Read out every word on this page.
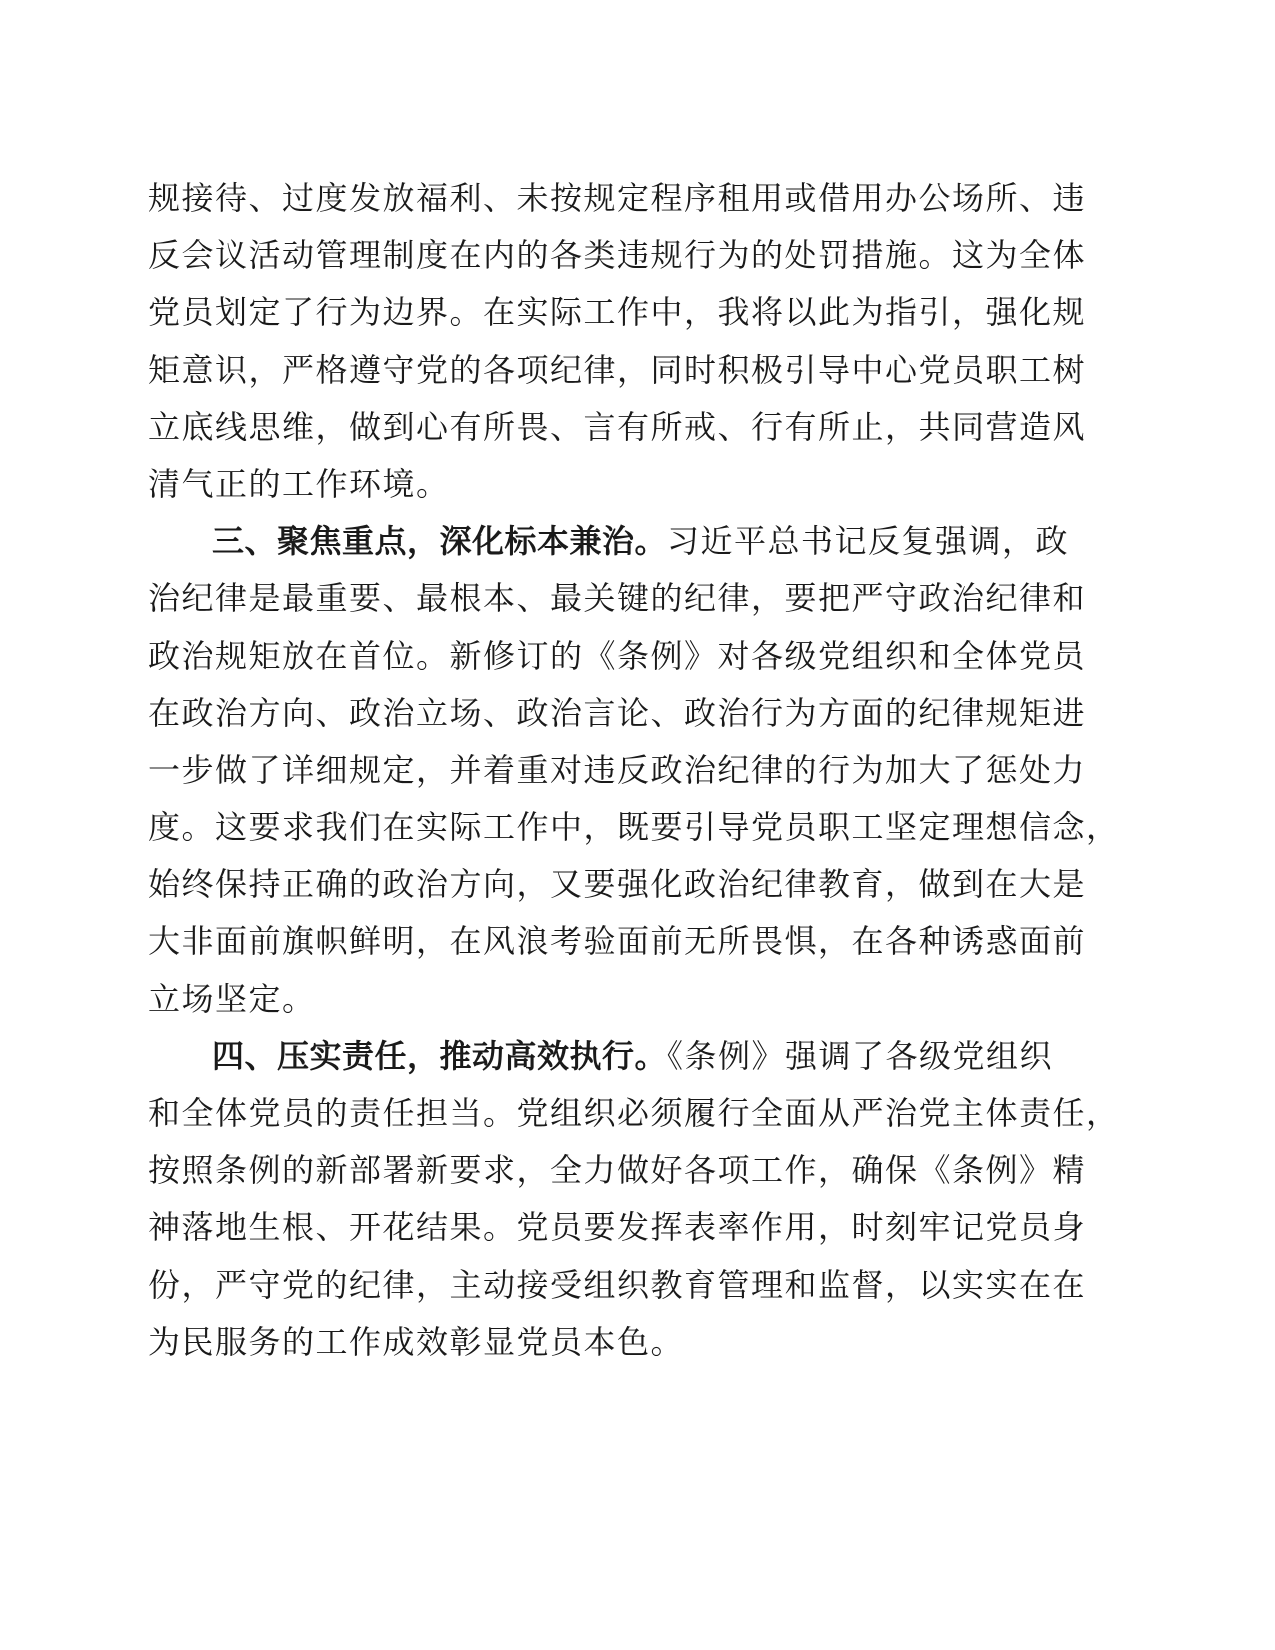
规接待、过度发放福利、未按规定程序租用或借用办公场所、违
反会议活动管理制度在内的各类违规行为的处罚措施。这为全体
党员划定了行为边界。在实际工作中，我将以此为指引，强化规
矩意识，严格遵守党的各项纪律，同时积极引导中心党员职工树
立底线思维，做到心有所畏、言有所戒、行有所止，共同营造风
清气正的工作环境。
三、聚焦重点，深化标本兼治。习近平总书记反复强调，政
治纪律是最重要、最根本、最关键的纪律，要把严守政治纪律和
政治规矩放在首位。新修订的《条例》对各级党组织和全体党员
在政治方向、政治立场、政治言论、政治行为方面的纪律规矩进
一步做了详细规定，并着重对违反政治纪律的行为加大了惩处力
度。这要求我们在实际工作中，既要引导党员职工坚定理想信念，
始终保持正确的政治方向，又要强化政治纪律教育，做到在大是
大非面前旗帜鲜明，在风浪考验面前无所畏惧，在各种诱惑面前
立场坚定。
四、压实责任，推动高效执行。《条例》强调了各级党组织
和全体党员的责任担当。党组织必须履行全面从严治党主体责任，
按照条例的新部署新要求，全力做好各项工作，确保《条例》精
神落地生根、开花结果。党员要发挥表率作用，时刻牢记党员身
份，严守党的纪律，主动接受组织教育管理和监督，以实实在在
为民服务的工作成效彰显党员本色。
